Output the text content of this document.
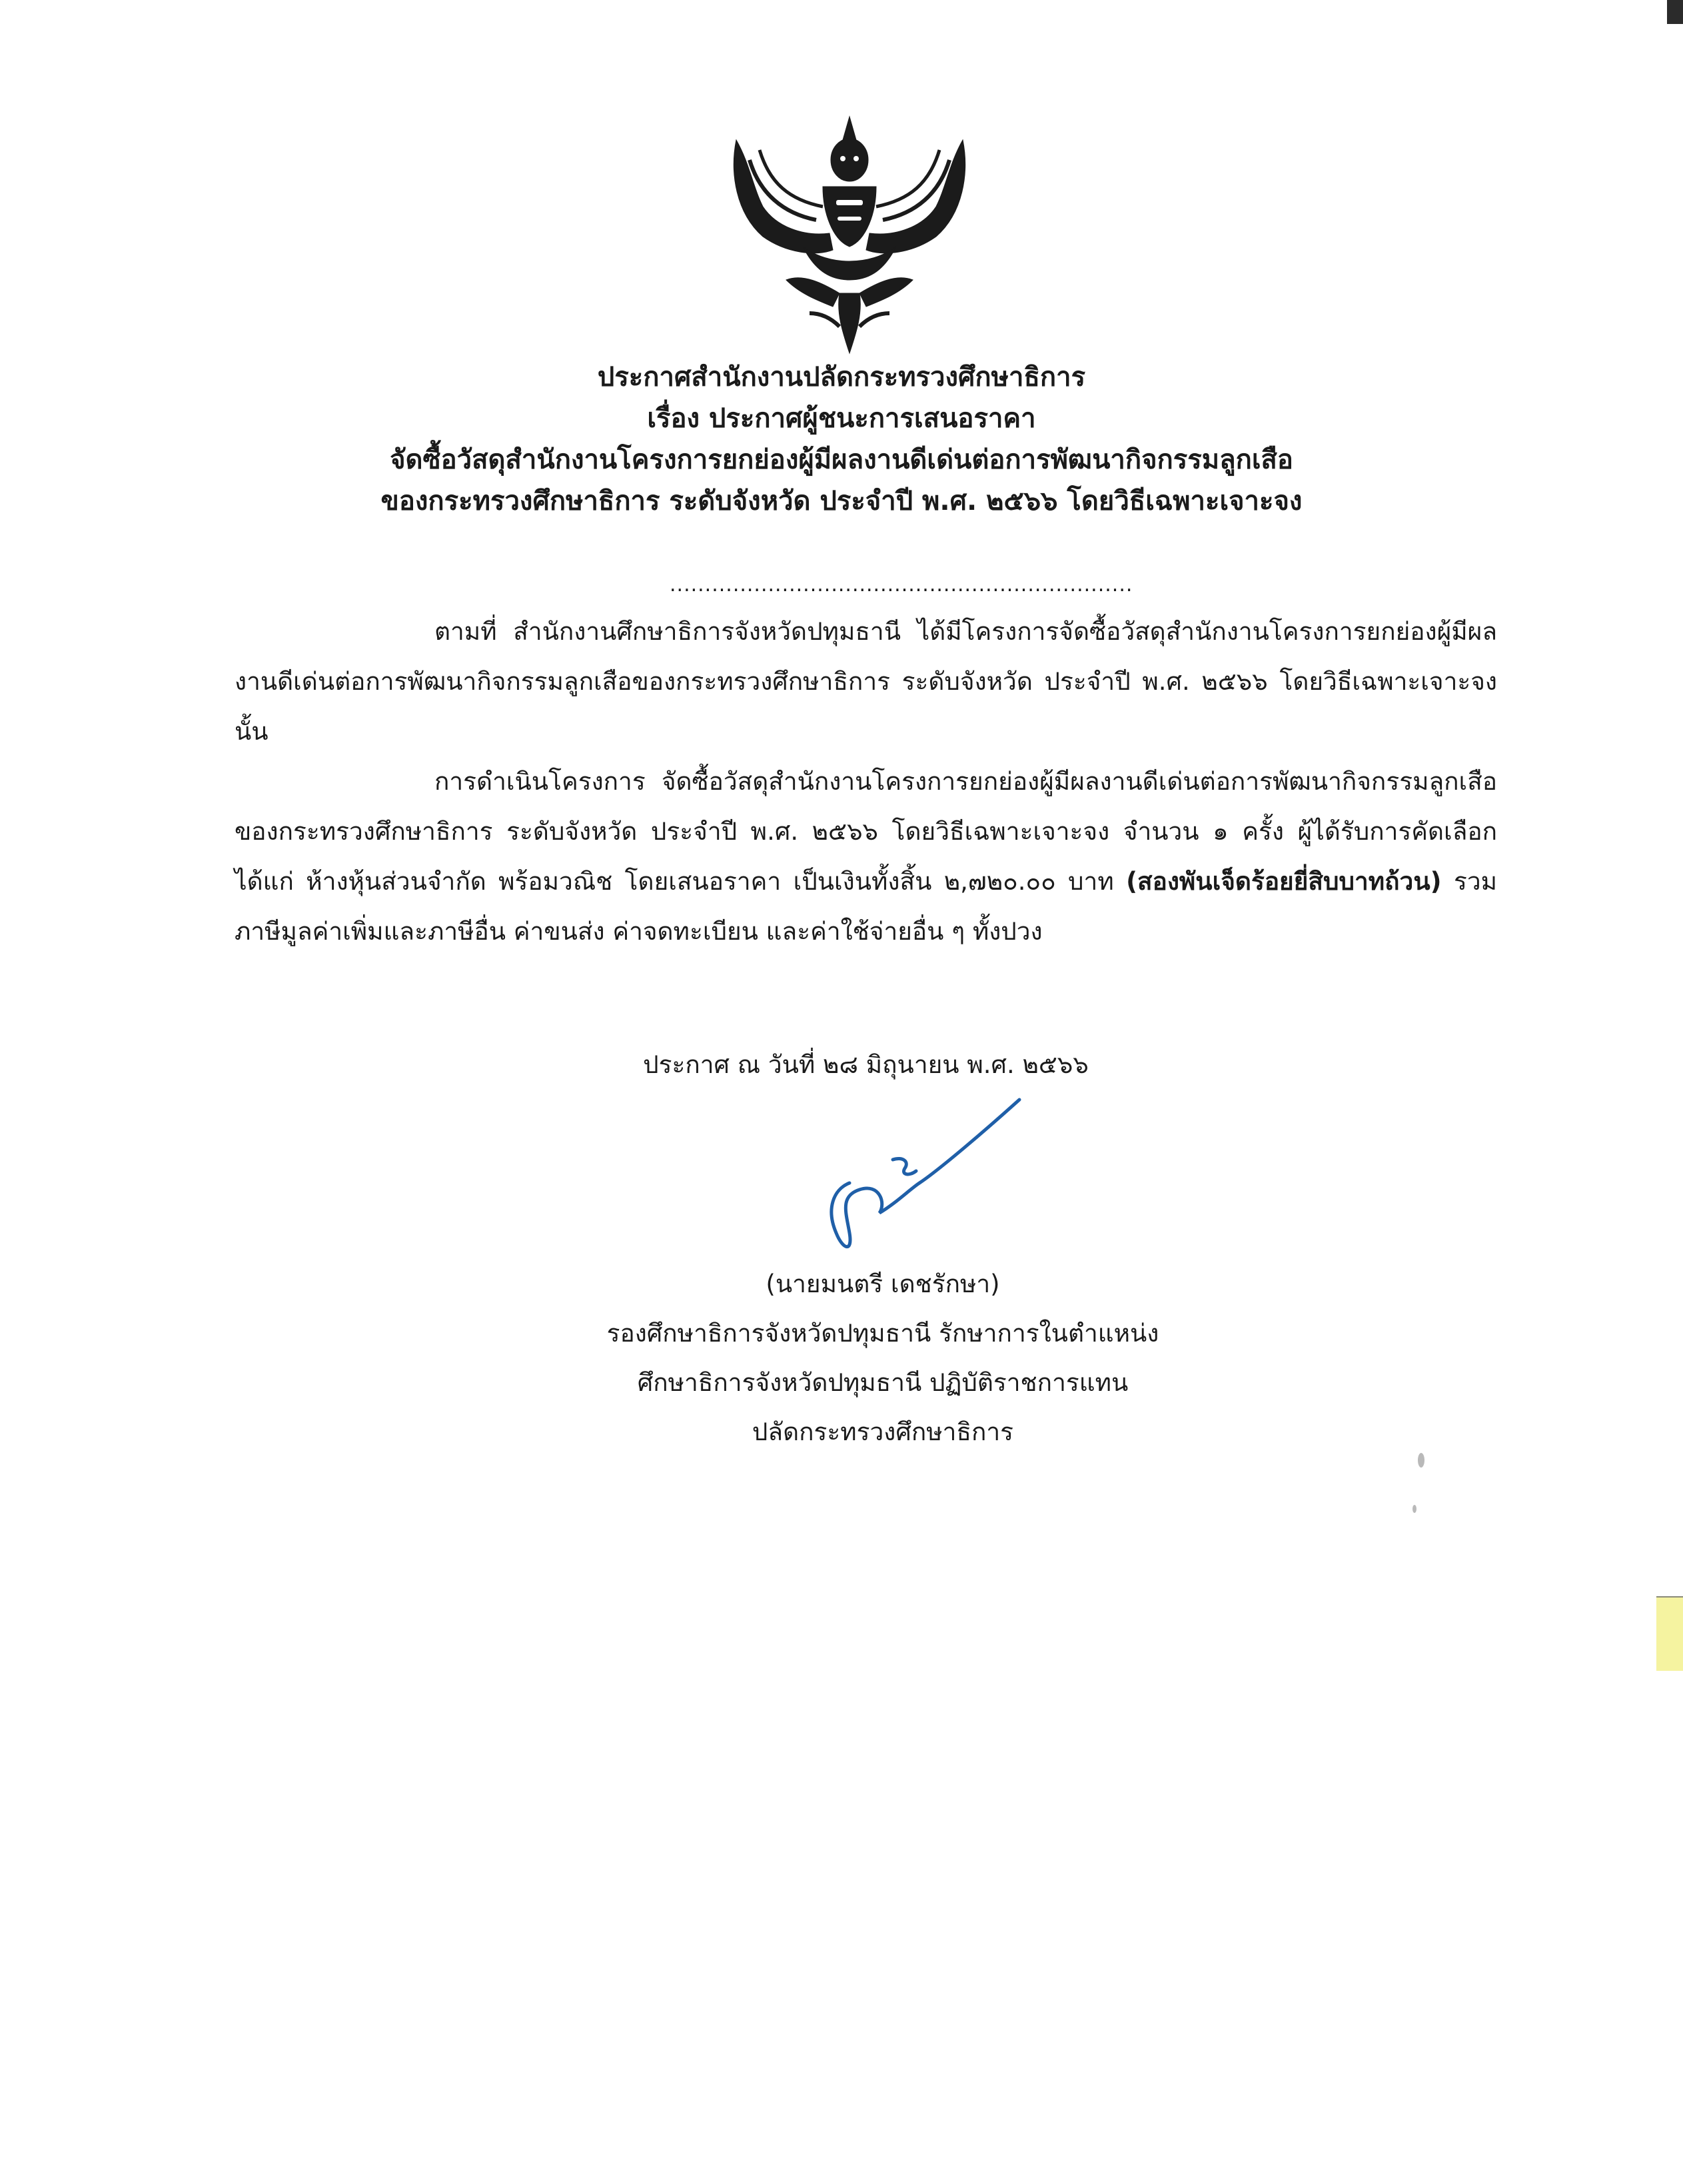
ประกาศสำนักงานปลัดกระทรวงศึกษาธิการ
เรื่อง ประกาศผู้ชนะการเสนอราคา
จัดซื้อวัสดุสำนักงานโครงการยกย่องผู้มีผลงานดีเด่นต่อการพัฒนากิจกรรมลูกเสือ
ของกระทรวงศึกษาธิการ ระดับจังหวัด ประจำปี พ.ศ. ๒๕๖๖ โดยวิธีเฉพาะเจาะจง
..................................................................
ตามที่ สำนักงานศึกษาธิการจังหวัดปทุมธานี ได้มีโครงการจัดซื้อวัสดุสำนักงานโครงการยกย่องผู้มีผลงานดีเด่นต่อการพัฒนากิจกรรมลูกเสือของกระทรวงศึกษาธิการ ระดับจังหวัด ประจำปี พ.ศ. ๒๕๖๖ โดยวิธีเฉพาะเจาะจง นั้น
การดำเนินโครงการ จัดซื้อวัสดุสำนักงานโครงการยกย่องผู้มีผลงานดีเด่นต่อการพัฒนากิจกรรมลูกเสือของกระทรวงศึกษาธิการ ระดับจังหวัด ประจำปี พ.ศ. ๒๕๖๖ โดยวิธีเฉพาะเจาะจง จำนวน ๑ ครั้ง ผู้ได้รับการคัดเลือก ได้แก่ ห้างหุ้นส่วนจำกัด พร้อมวณิช โดยเสนอราคา เป็นเงินทั้งสิ้น ๒,๗๒๐.๐๐ บาท (สองพันเจ็ดร้อยยี่สิบบาทถ้วน) รวมภาษีมูลค่าเพิ่มและภาษีอื่น ค่าขนส่ง ค่าจดทะเบียน และค่าใช้จ่ายอื่น ๆ ทั้งปวง
ประกาศ ณ วันที่ ๒๘ มิถุนายน พ.ศ. ๒๕๖๖
(นายมนตรี เดชรักษา)
รองศึกษาธิการจังหวัดปทุมธานี รักษาการในตำแหน่ง
ศึกษาธิการจังหวัดปทุมธานี ปฏิบัติราชการแทน
ปลัดกระทรวงศึกษาธิการ
